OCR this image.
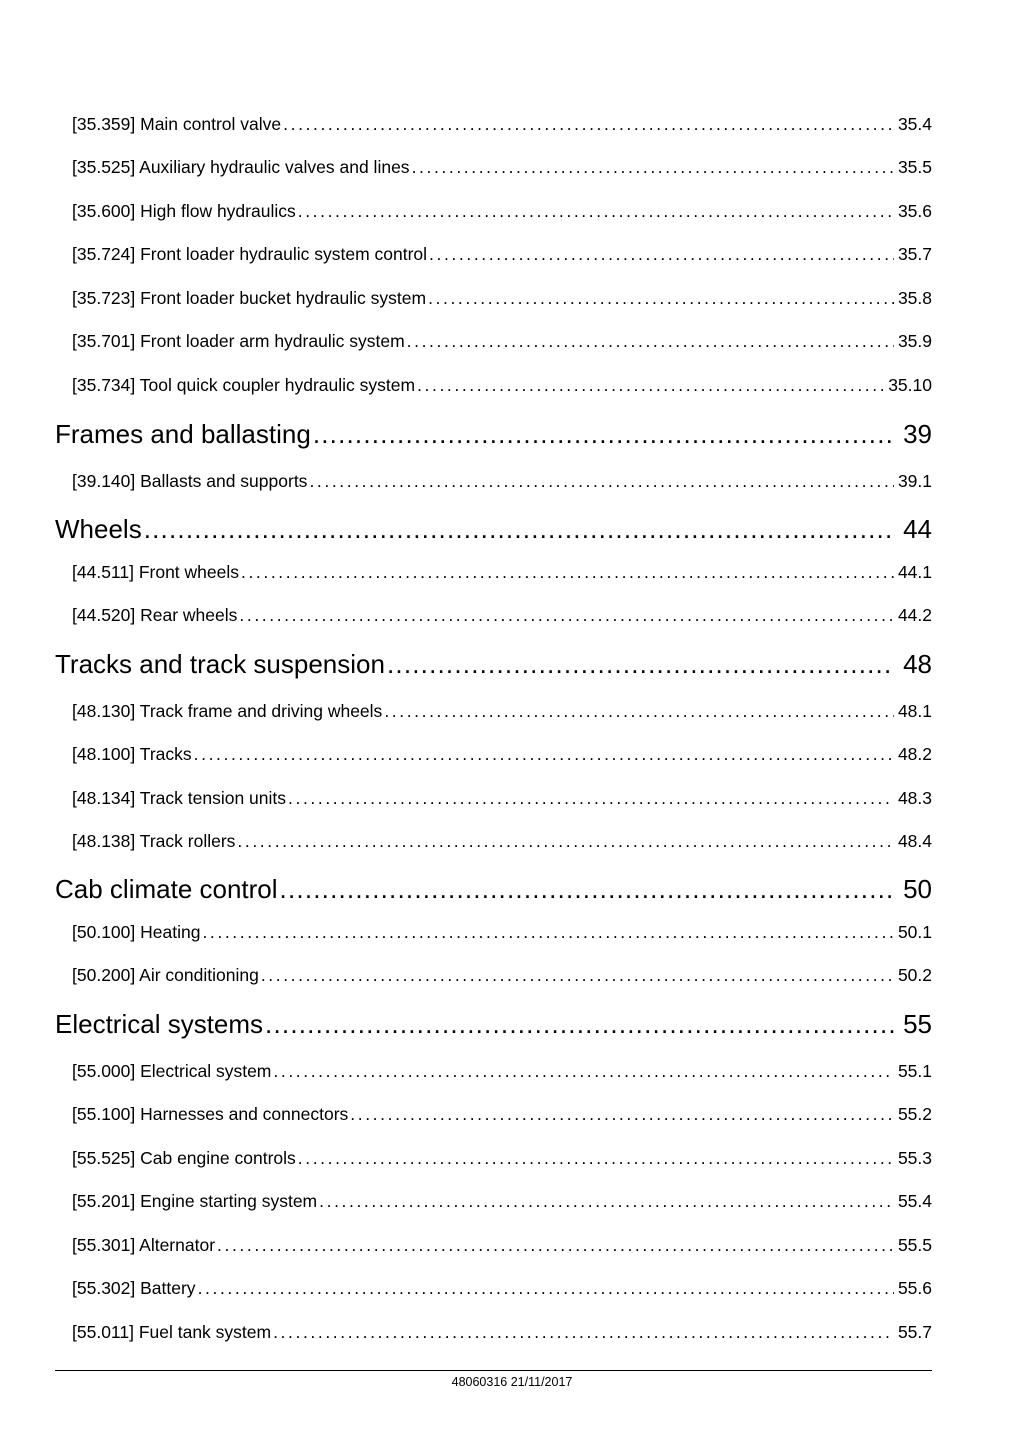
[35.359] Main control valve .....	35.4
[35.525] Auxiliary hydraulic valves and lines .....	35.5
[35.600] High flow hydraulics .....	35.6
[35.724] Front loader hydraulic system control .....	35.7
[35.723] Front loader bucket hydraulic system .....	35.8
[35.701] Front loader arm hydraulic system .....	35.9
[35.734] Tool quick coupler hydraulic system .....	35.10
Frames and ballasting .....	39
[39.140] Ballasts and supports .....	39.1
Wheels .....	44
[44.511] Front wheels .....	44.1
[44.520] Rear wheels .....	44.2
Tracks and track suspension .....	48
[48.130] Track frame and driving wheels .....	48.1
[48.100] Tracks .....	48.2
[48.134] Track tension units .....	48.3
[48.138] Track rollers .....	48.4
Cab climate control .....	50
[50.100] Heating .....	50.1
[50.200] Air conditioning .....	50.2
Electrical systems .....	55
[55.000] Electrical system .....	55.1
[55.100] Harnesses and connectors .....	55.2
[55.525] Cab engine controls .....	55.3
[55.201] Engine starting system .....	55.4
[55.301] Alternator .....	55.5
[55.302] Battery .....	55.6
[55.011] Fuel tank system .....	55.7
48060316 21/11/2017
